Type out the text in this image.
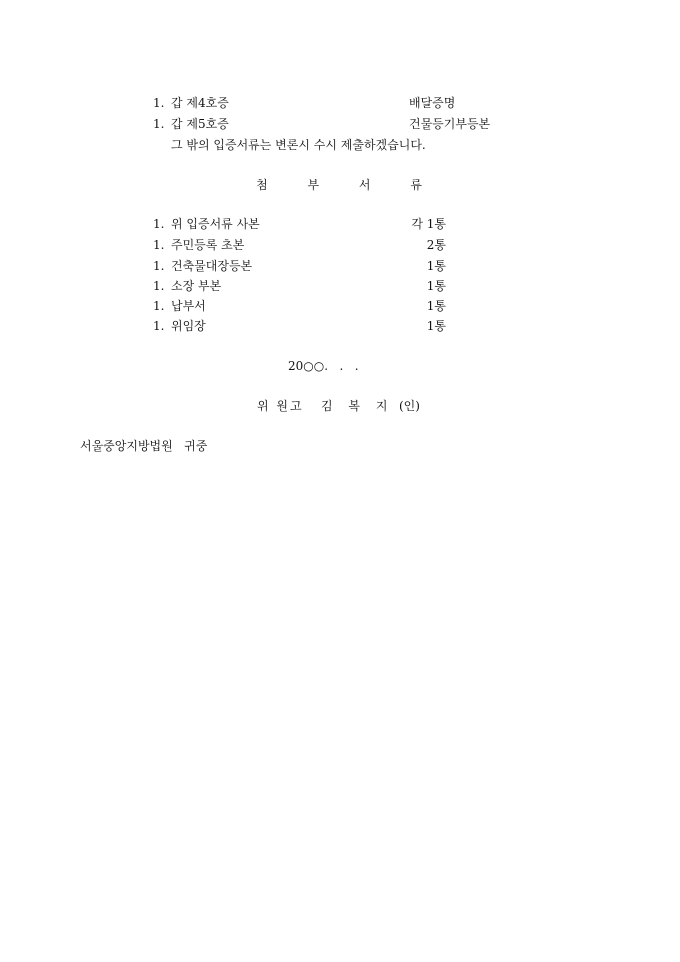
1. 갑 제4호증	배달증명
1. 갑 제5호증	건물등기부등본
그 밖의 입증서류는 변론시 수시 제출하겠습니다.
첨 부 서 류
1. 위 입증서류 사본	각 1통
1. 주민등록 초본	2통
1. 건축물대장등본	1통
1. 소장 부본	1통
1. 납부서	1통
1. 위임장	1통
20○○.   .   .
위 원고 김 복 지 (인)
서울중앙지방법원   귀중
